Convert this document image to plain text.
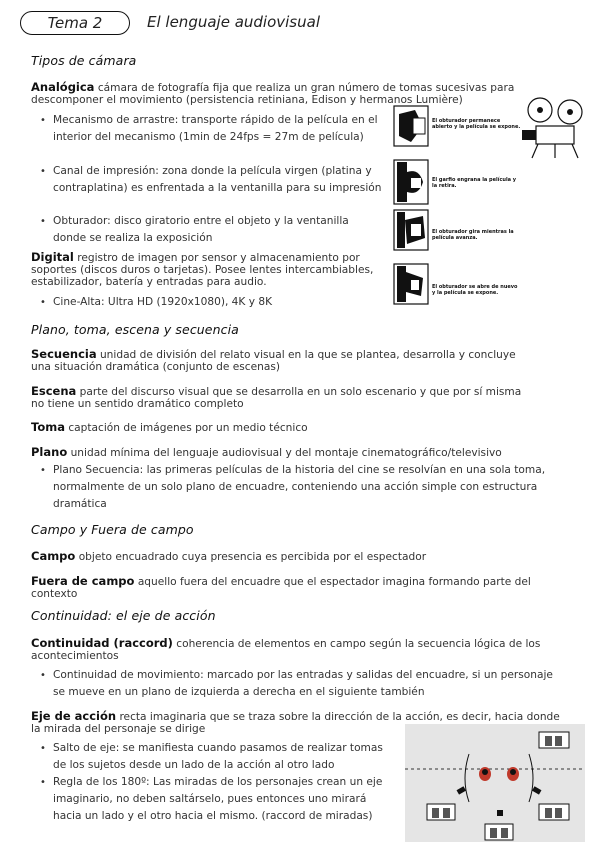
Tema 2	El lenguaje audiovisual
Tipos de cámara
Analógica cámara de fotografía fija que realiza un gran número de tomas sucesivas para descomponer el movimiento (persistencia retiniana, Edison y hermanos Lumière)
• Mecanismo de arrastre: transporte rápido de la película en el interior del mecanismo (1min de 24fps = 27m de película)
• Canal de impresión: zona donde la película virgen (platina y contraplatina) es enfrentada a la ventanilla para su impresión
• Obturador: disco giratorio entre el objeto y la ventanilla donde se realiza la exposición
Digital registro de imagen por sensor y almacenamiento por soportes (discos duros o tarjetas). Posee lentes intercambiables, estabilizador, batería y entradas para audio.
• Cine-Alta: Ultra HD (1920x1080), 4K y 8K
El obturador permanece abierto y la película se expone.
El garfio engrana la película y la retira.
El obturador gira mientras la película avanza.
El obturador se abre de nuevo y la película se expone.
Plano, toma, escena y secuencia
Secuencia unidad de división del relato visual en la que se plantea, desarrolla y concluye una situación dramática (conjunto de escenas)
Escena parte del discurso visual que se desarrolla en un solo escenario y que por sí misma no tiene un sentido dramático completo
Toma captación de imágenes por un medio técnico
Plano unidad mínima del lenguaje audiovisual y del montaje cinematográfico/televisivo
• Plano Secuencia: las primeras películas de la historia del cine se resolvían en una sola toma, normalmente de un solo plano de encuadre, conteniendo una acción simple con estructura dramática
Campo y Fuera de campo
Campo objeto encuadrado cuya presencia es percibida por el espectador
Fuera de campo aquello fuera del encuadre que el espectador imagina formando parte del contexto
Continuidad: el eje de acción
Continuidad (raccord) coherencia de elementos en campo según la secuencia lógica de los acontecimientos
• Continuidad de movimiento: marcado por las entradas y salidas del encuadre, si un personaje se mueve en un plano de izquierda a derecha en el siguiente también
Eje de acción recta imaginaria que se traza sobre la dirección de la acción, es decir, hacia donde la mirada del personaje se dirige
• Salto de eje: se manifiesta cuando pasamos de realizar tomas de los sujetos desde un lado de la acción al otro lado
• Regla de los 180º: Las miradas de los personajes crean un eje imaginario, no deben saltárselo, pues entonces uno mirará hacia un lado y el otro hacia el mismo. (raccord de miradas)
